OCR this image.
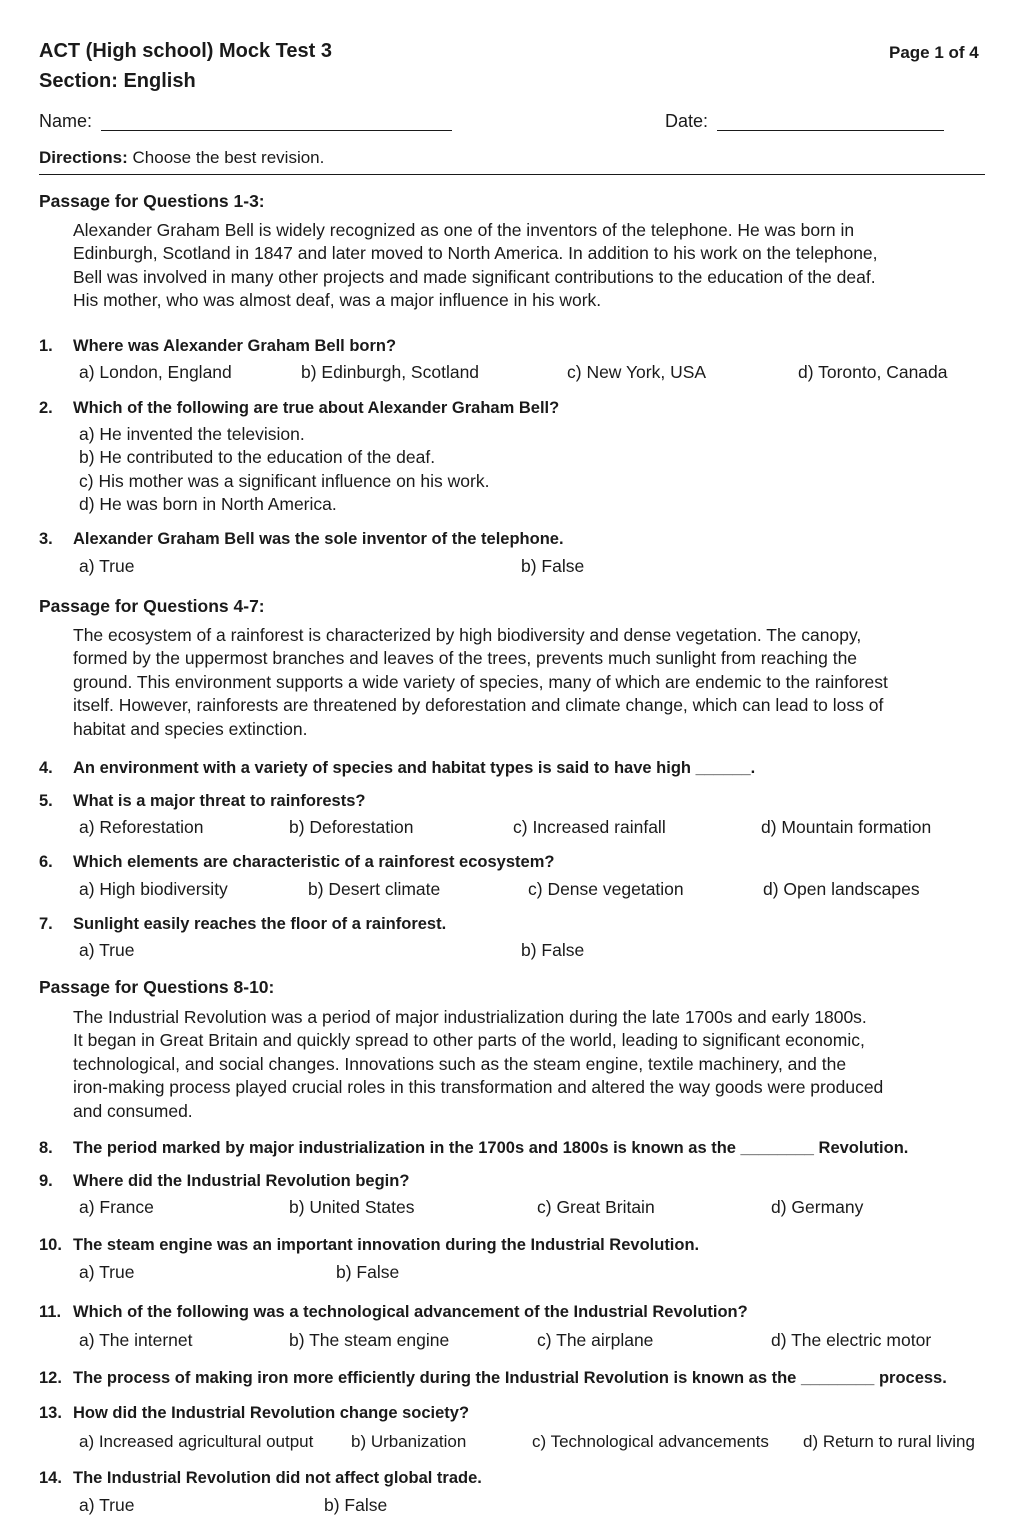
ACT (High school) Mock Test 3	Page 1 of 4
Section: English
Name:	Date:
Directions: Choose the best revision.
Passage for Questions 1-3:

Alexander Graham Bell is widely recognized as one of the inventors of the telephone. He was born in

Edinburgh, Scotland in 1847 and later moved to North America. In addition to his work on the telephone,

Bell was involved in many other projects and made significant contributions to the education of the deaf.

His mother, who was almost deaf, was a major influence in his work.

1. Where was Alexander Graham Bell born?
a) London, England	b) Edinburgh, Scotland	c) New York, USA	d) Toronto, Canada
2. Which of the following are true about Alexander Graham Bell?
a) He invented the television.
b) He contributed to the education of the deaf.
c) His mother was a significant influence on his work.
d) He was born in North America.
3. Alexander Graham Bell was the sole inventor of the telephone.
a) True	b) False
Passage for Questions 4-7:

The ecosystem of a rainforest is characterized by high biodiversity and dense vegetation. The canopy,

formed by the uppermost branches and leaves of the trees, prevents much sunlight from reaching the

ground. This environment supports a wide variety of species, many of which are endemic to the rainforest

itself. However, rainforests are threatened by deforestation and climate change, which can lead to loss of

habitat and species extinction.

4. An environment with a variety of species and habitat types is said to have high ______.
5. What is a major threat to rainforests?
a) Reforestation	b) Deforestation	c) Increased rainfall	d) Mountain formation
6. Which elements are characteristic of a rainforest ecosystem?
a) High biodiversity	b) Desert climate	c) Dense vegetation	d) Open landscapes
7. Sunlight easily reaches the floor of a rainforest.
a) True	b) False
Passage for Questions 8-10:

The Industrial Revolution was a period of major industrialization during the late 1700s and early 1800s.

It began in Great Britain and quickly spread to other parts of the world, leading to significant economic,

technological, and social changes. Innovations such as the steam engine, textile machinery, and the

iron-making process played crucial roles in this transformation and altered the way goods were produced

and consumed.

8. The period marked by major industrialization in the 1700s and 1800s is known as the ________ Revolution.
9. Where did the Industrial Revolution begin?
a) France	b) United States	c) Great Britain	d) Germany
10. The steam engine was an important innovation during the Industrial Revolution.
a) True	b) False
11. Which of the following was a technological advancement of the Industrial Revolution?
a) The internet	b) The steam engine	c) The airplane	d) The electric motor
12. The process of making iron more efficiently during the Industrial Revolution is known as the ________ process.
13. How did the Industrial Revolution change society?
a) Increased agricultural output b) Urbanization	c) Technological advancements d) Return to rural living
14. The Industrial Revolution did not affect global trade.
a) True	b) False
